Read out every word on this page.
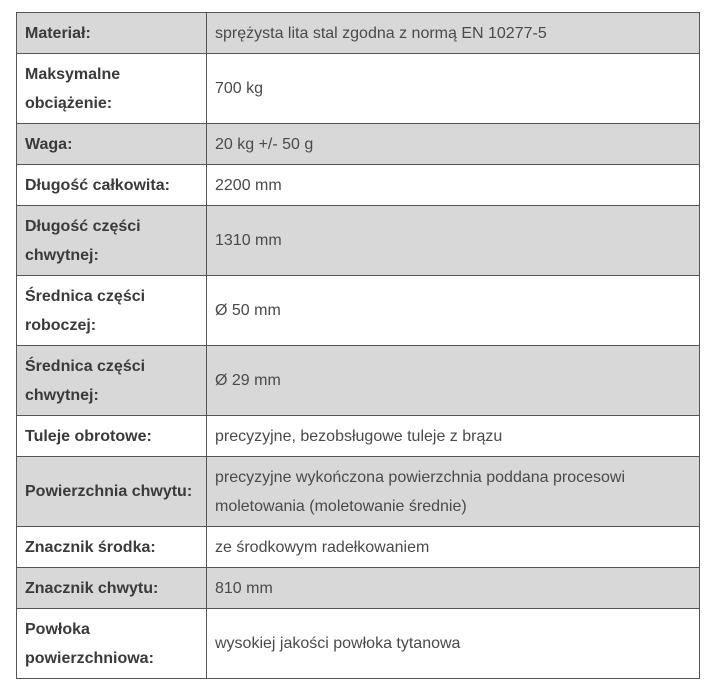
Materiał:	sprężysta lita stal zgodna z normą EN 10277-5
Maksymalne obciążenie:	700 kg
Waga:	20 kg +/- 50 g
Długość całkowita:	2200 mm
Długość części chwytnej:	1310 mm
Średnica części roboczej:	Ø 50 mm
Średnica części chwytnej:	Ø 29 mm
Tuleje obrotowe:	precyzyjne, bezobsługowe tuleje z brązu
Powierzchnia chwytu:	precyzyjne wykończona powierzchnia poddana procesowi moletowania (moletowanie średnie)
Znacznik środka:	ze środkowym radełkowaniem
Znacznik chwytu:	810 mm
Powłoka powierzchniowa:	wysokiej jakości powłoka tytanowa
